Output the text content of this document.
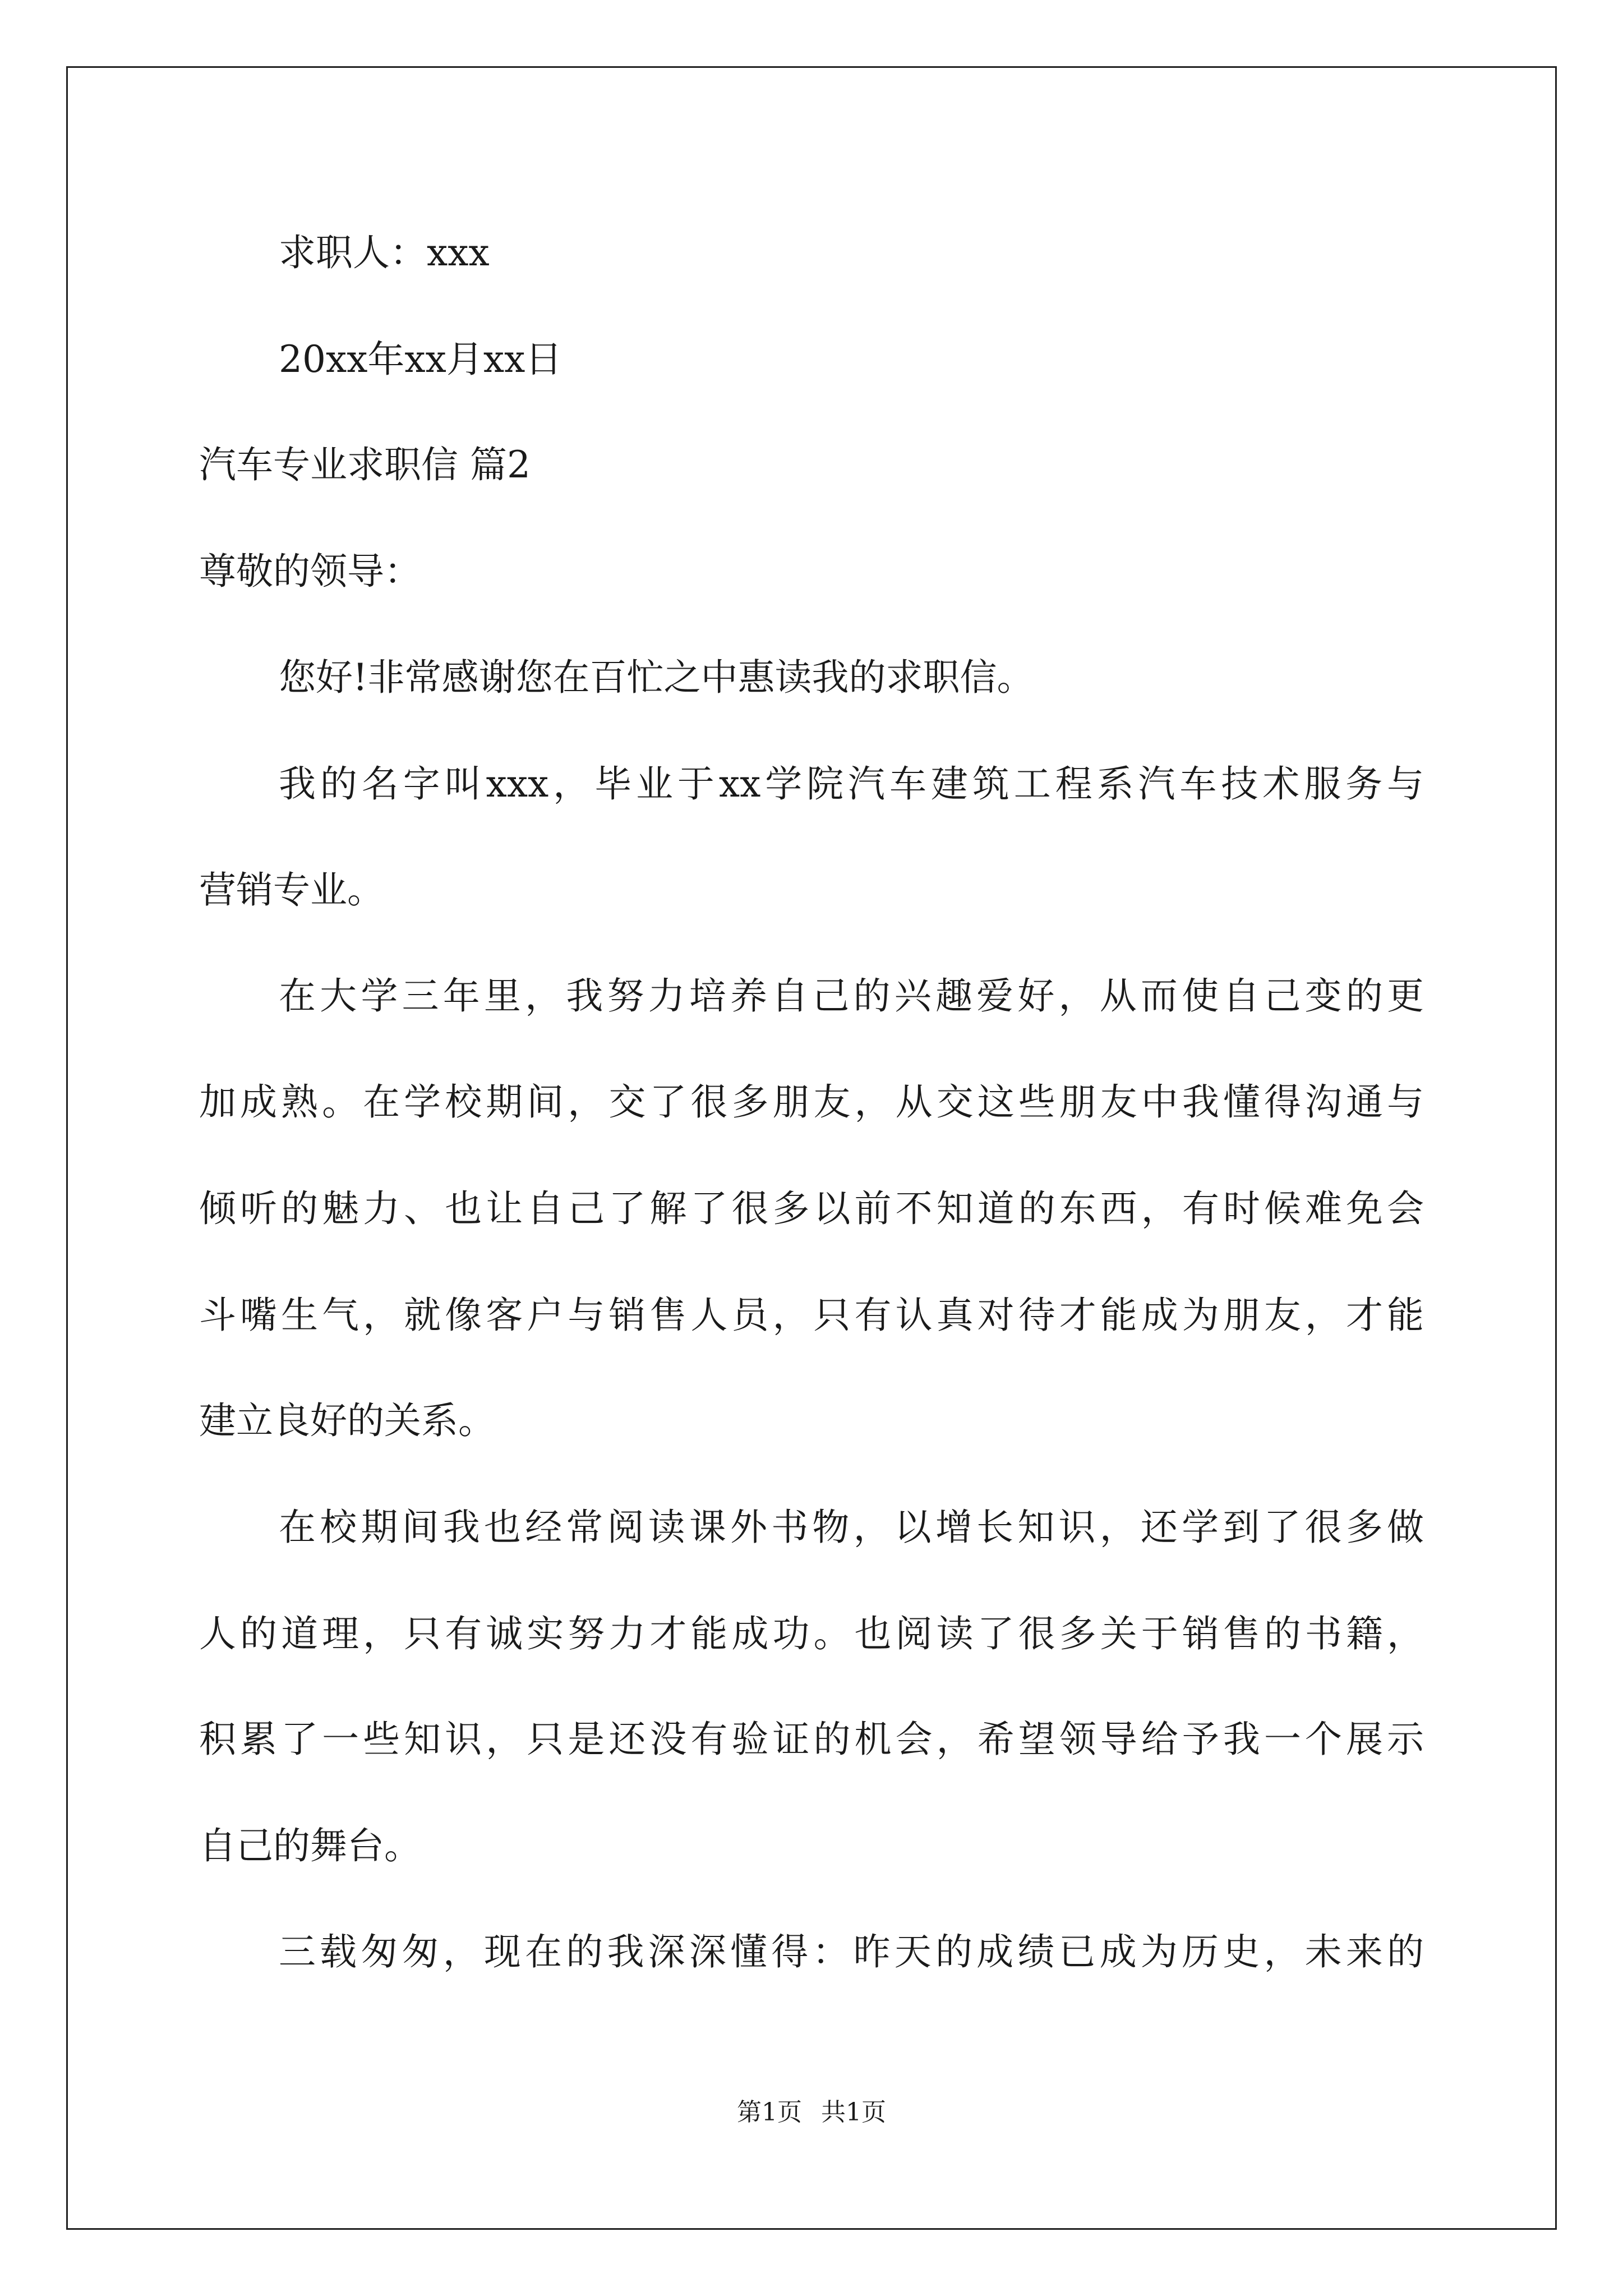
求职人：xxx
20xx年xx月xx日
汽车专业求职信 篇2
尊敬的领导：
您好!非常感谢您在百忙之中惠读我的求职信。
我的名字叫xxx，毕业于xx学院汽车建筑工程系汽车技术服务与
营销专业。
在大学三年里，我努力培养自己的兴趣爱好，从而使自己变的更
加成熟。在学校期间，交了很多朋友，从交这些朋友中我懂得沟通与
倾听的魅力、也让自己了解了很多以前不知道的东西，有时候难免会
斗嘴生气，就像客户与销售人员，只有认真对待才能成为朋友，才能
建立良好的关系。
在校期间我也经常阅读课外书物，以增长知识，还学到了很多做
人的道理，只有诚实努力才能成功。也阅读了很多关于销售的书籍，
积累了一些知识，只是还没有验证的机会，希望领导给予我一个展示
自己的舞台。
三载匆匆，现在的我深深懂得：昨天的成绩已成为历史，未来的
第1页 共1页
